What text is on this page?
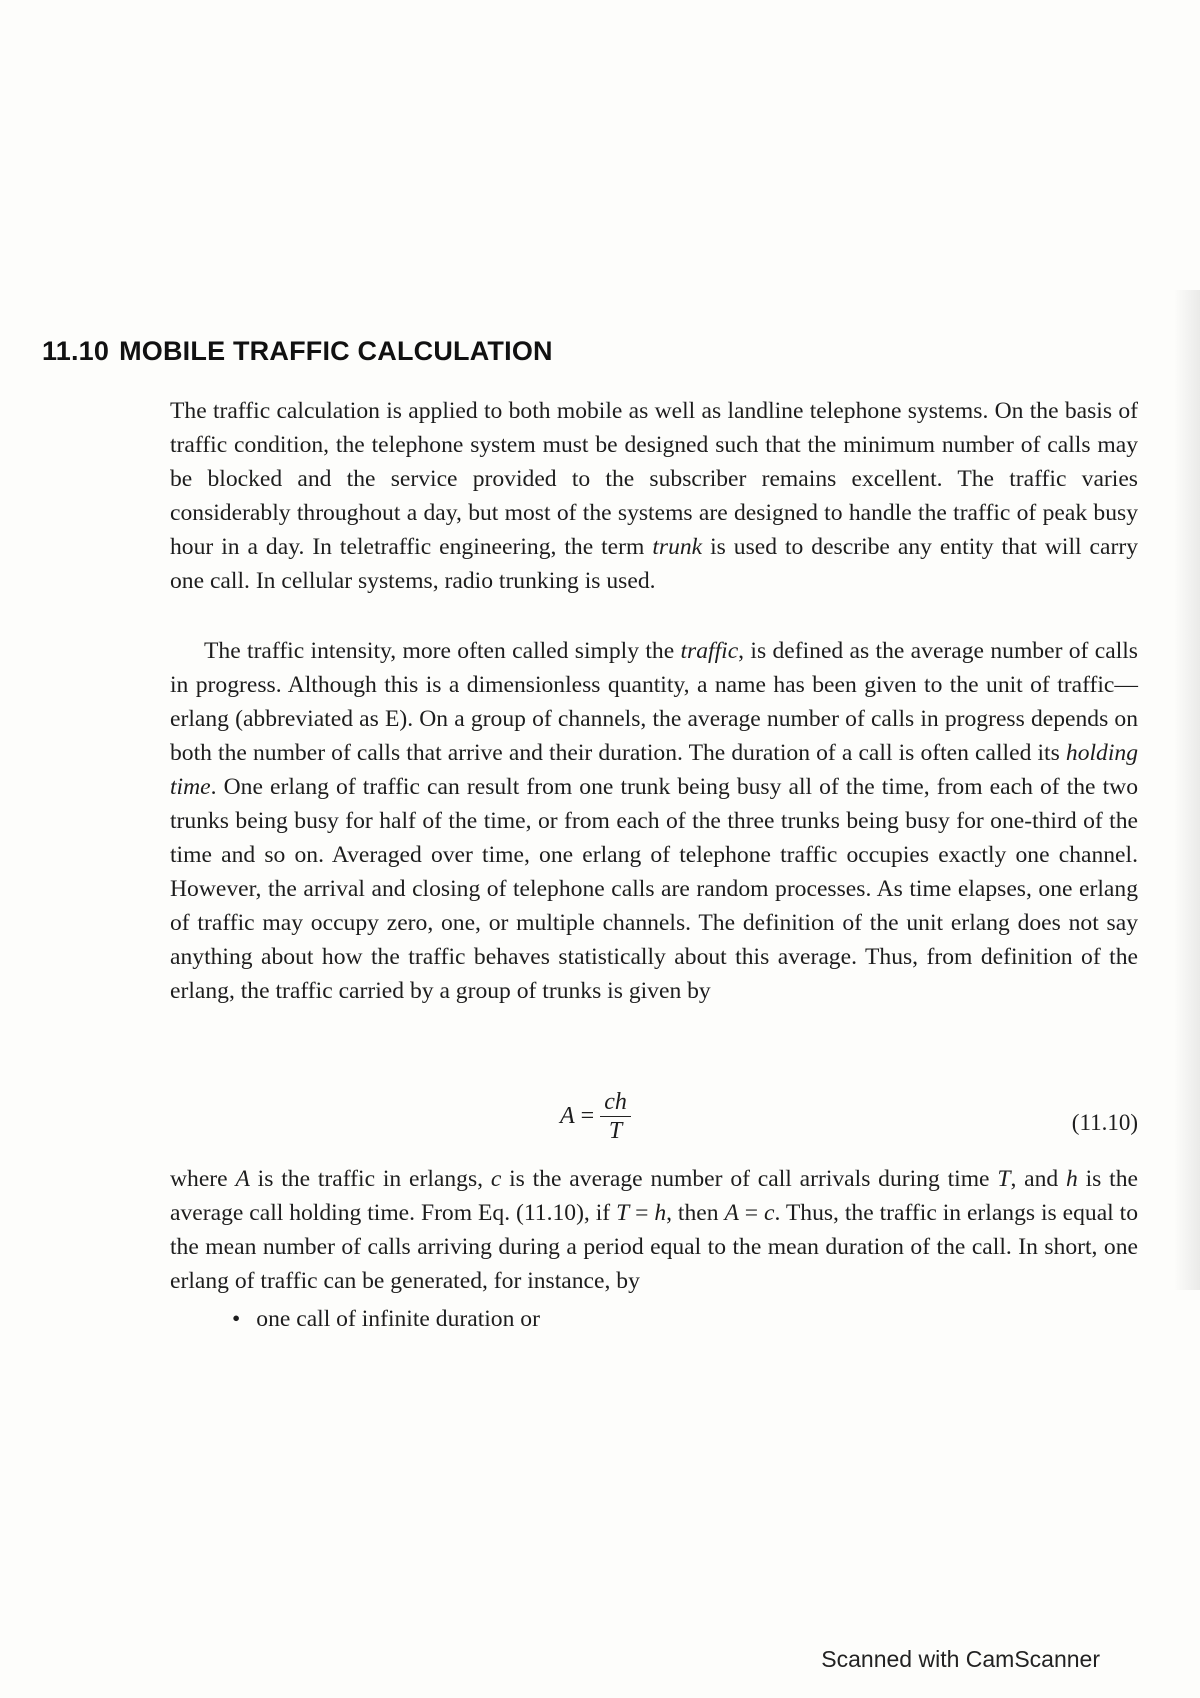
11.10 MOBILE TRAFFIC CALCULATION

The traffic calculation is applied to both mobile as well as landline telephone systems. On the basis of traffic condition, the telephone system must be designed such that the minimum number of calls may be blocked and the service provided to the subscriber remains excellent. The traffic varies considerably throughout a day, but most of the systems are designed to handle the traffic of peak busy hour in a day. In teletraffic engineering, the term trunk is used to describe any entity that will carry one call. In cellular systems, radio trunking is used.

The traffic intensity, more often called simply the traffic, is defined as the average number of calls in progress. Although this is a dimensionless quantity, a name has been given to the unit of traffic—erlang (abbreviated as E). On a group of channels, the average number of calls in progress depends on both the number of calls that arrive and their duration. The duration of a call is often called its holding time. One erlang of traffic can result from one trunk being busy all of the time, from each of the two trunks being busy for half of the time, or from each of the three trunks being busy for one-third of the time and so on. Averaged over time, one erlang of telephone traffic occupies exactly one channel. However, the arrival and closing of telephone calls are random processes. As time elapses, one erlang of traffic may occupy zero, one, or multiple channels. The definition of the unit erlang does not say anything about how the traffic behaves statistically about this average. Thus, from definition of the erlang, the traffic carried by a group of trunks is given by

$A = \frac{ch}{T}$	(11.10)

where A is the traffic in erlangs, c is the average number of call arrivals during time T, and h is the average call holding time. From Eq. (11.10), if T = h, then A = c. Thus, the traffic in erlangs is equal to the mean number of calls arriving during a period equal to the mean duration of the call. In short, one erlang of traffic can be generated, for instance, by

• one call of infinite duration or
Scanned with CamScanner
